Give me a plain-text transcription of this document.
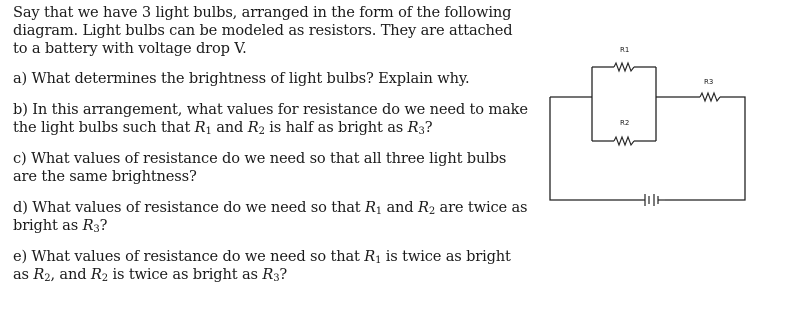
Say that we have 3 light bulbs, arranged in the form of the following diagram. Light bulbs can be modeled as resistors. They are attached to a battery with voltage drop V.

a) What determines the brightness of light bulbs? Explain why.

b) In this arrangement, what values for resistance do we need to make the light bulbs such that $R_1$ and $R_2$ is half as bright as $R_3$?

c) What values of resistance do we need so that all three light bulbs are the same brightness?

d) What values of resistance do we need so that $R_1$ and $R_2$ are twice as bright as $R_3$?

e) What values of resistance do we need so that $R_1$ is twice as bright as $R_2$, and $R_2$ is twice as bright as $R_3$?

R1
R2
R3
